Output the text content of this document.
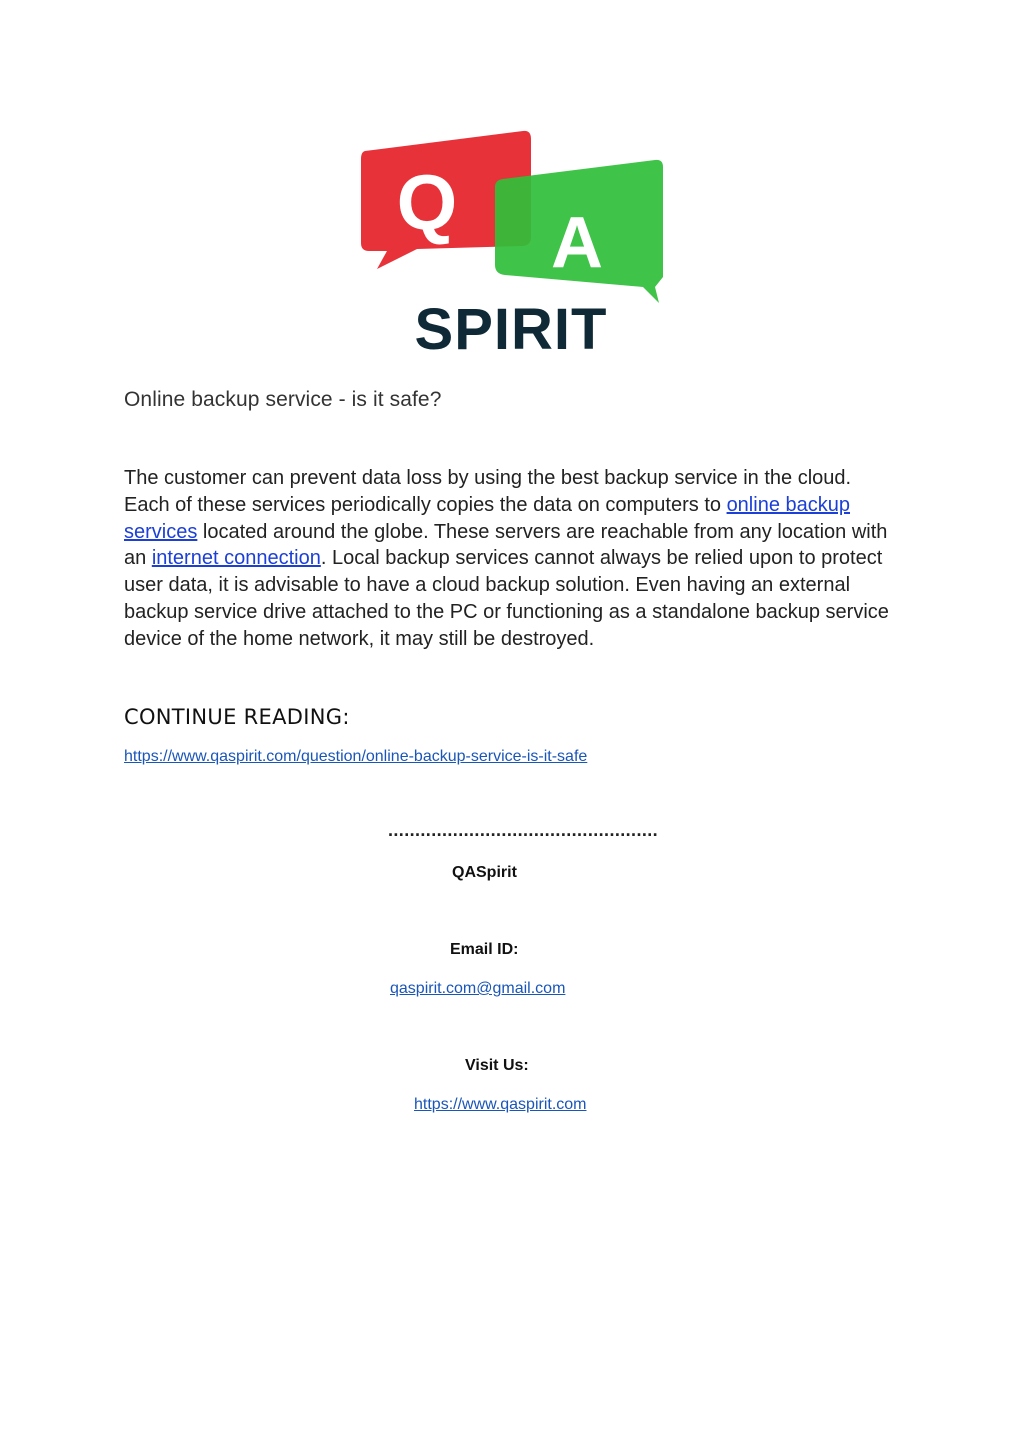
Q A
SPIRIT
Online backup service - is it safe?
The customer can prevent data loss by using the best backup service in the cloud. Each of these services periodically copies the data on computers to online backup services located around the globe. These servers are reachable from any location with an internet connection. Local backup services cannot always be relied upon to protect user data, it is advisable to have a cloud backup solution. Even having an external backup service drive attached to the PC or functioning as a standalone backup service device of the home network, it may still be destroyed.
CONTINUE READING:
https://www.qaspirit.com/question/online-backup-service-is-it-safe
..................................................
QASpirit
Email ID:
qaspirit.com@gmail.com
Visit Us:
https://www.qaspirit.com
